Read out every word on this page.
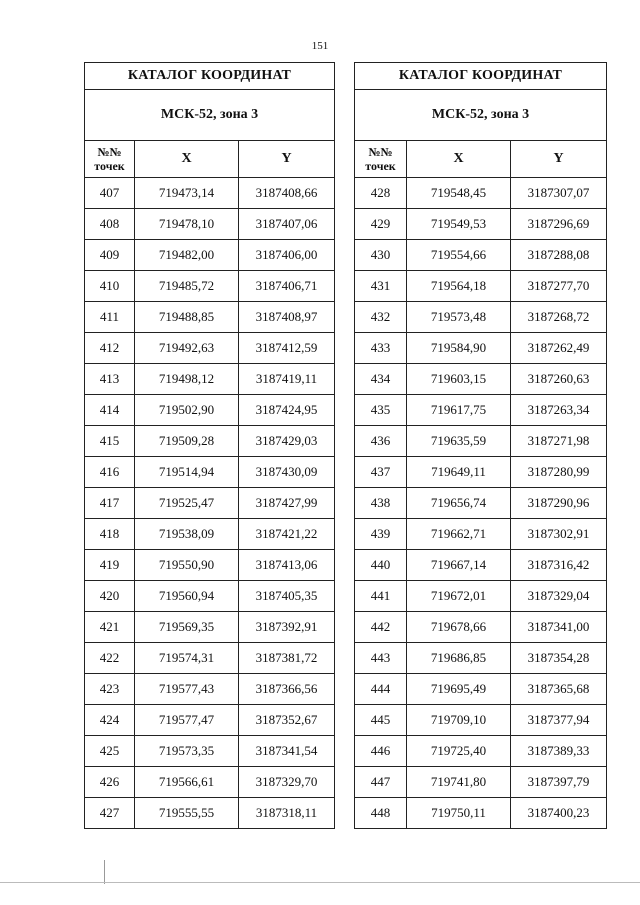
151
КАТАЛОГ КООРДИНАТ		
МСК-52, зона 3		
№№
точек	X	Y
407	719473,14	3187408,66
408	719478,10	3187407,06
409	719482,00	3187406,00
410	719485,72	3187406,71
411	719488,85	3187408,97
412	719492,63	3187412,59
413	719498,12	3187419,11
414	719502,90	3187424,95
415	719509,28	3187429,03
416	719514,94	3187430,09
417	719525,47	3187427,99
418	719538,09	3187421,22
419	719550,90	3187413,06
420	719560,94	3187405,35
421	719569,35	3187392,91
422	719574,31	3187381,72
423	719577,43	3187366,56
424	719577,47	3187352,67
425	719573,35	3187341,54
426	719566,61	3187329,70
427	719555,55	3187318,11
КАТАЛОГ КООРДИНАТ		
МСК-52, зона 3		
№№
точек	X	Y
428	719548,45	3187307,07
429	719549,53	3187296,69
430	719554,66	3187288,08
431	719564,18	3187277,70
432	719573,48	3187268,72
433	719584,90	3187262,49
434	719603,15	3187260,63
435	719617,75	3187263,34
436	719635,59	3187271,98
437	719649,11	3187280,99
438	719656,74	3187290,96
439	719662,71	3187302,91
440	719667,14	3187316,42
441	719672,01	3187329,04
442	719678,66	3187341,00
443	719686,85	3187354,28
444	719695,49	3187365,68
445	719709,10	3187377,94
446	719725,40	3187389,33
447	719741,80	3187397,79
448	719750,11	3187400,23
